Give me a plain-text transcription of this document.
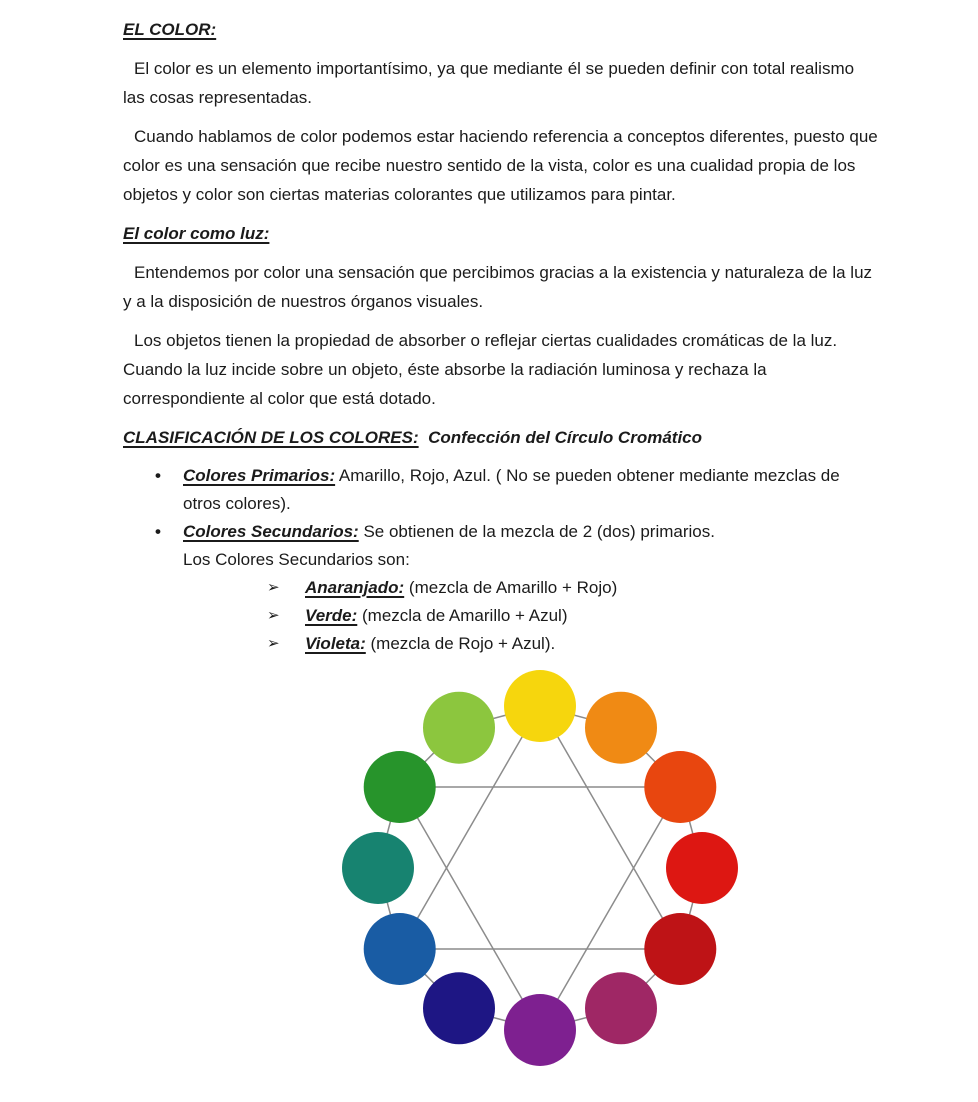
EL COLOR:

El color es un elemento importantísimo, ya que mediante él se pueden definir con total realismo las cosas representadas.

Cuando hablamos de color podemos estar haciendo referencia a conceptos diferentes, puesto que color es una sensación que recibe nuestro sentido de la vista, color es una cualidad propia de los objetos y color son ciertas materias colorantes que utilizamos para pintar.

El color como luz:

Entendemos por color una sensación que percibimos gracias a la existencia y naturaleza de la luz y a la disposición de nuestros órganos visuales.

Los objetos tienen la propiedad de absorber o reflejar ciertas cualidades cromáticas de la luz. Cuando la luz incide sobre un objeto, éste absorbe la radiación luminosa y rechaza la correspondiente al color que está dotado.

CLASIFICACIÓN DE LOS COLORES: Confección del Círculo Cromático
• Colores Primarios: Amarillo, Rojo, Azul. ( No se pueden obtener mediante mezclas de otros colores).
• Colores Secundarios: Se obtienen de la mezcla de 2 (dos) primarios.
Los Colores Secundarios son:
➢ Anaranjado: (mezcla de Amarillo + Rojo)
➢ Verde: (mezcla de Amarillo + Azul)
➢ Violeta: (mezcla de Rojo + Azul).
